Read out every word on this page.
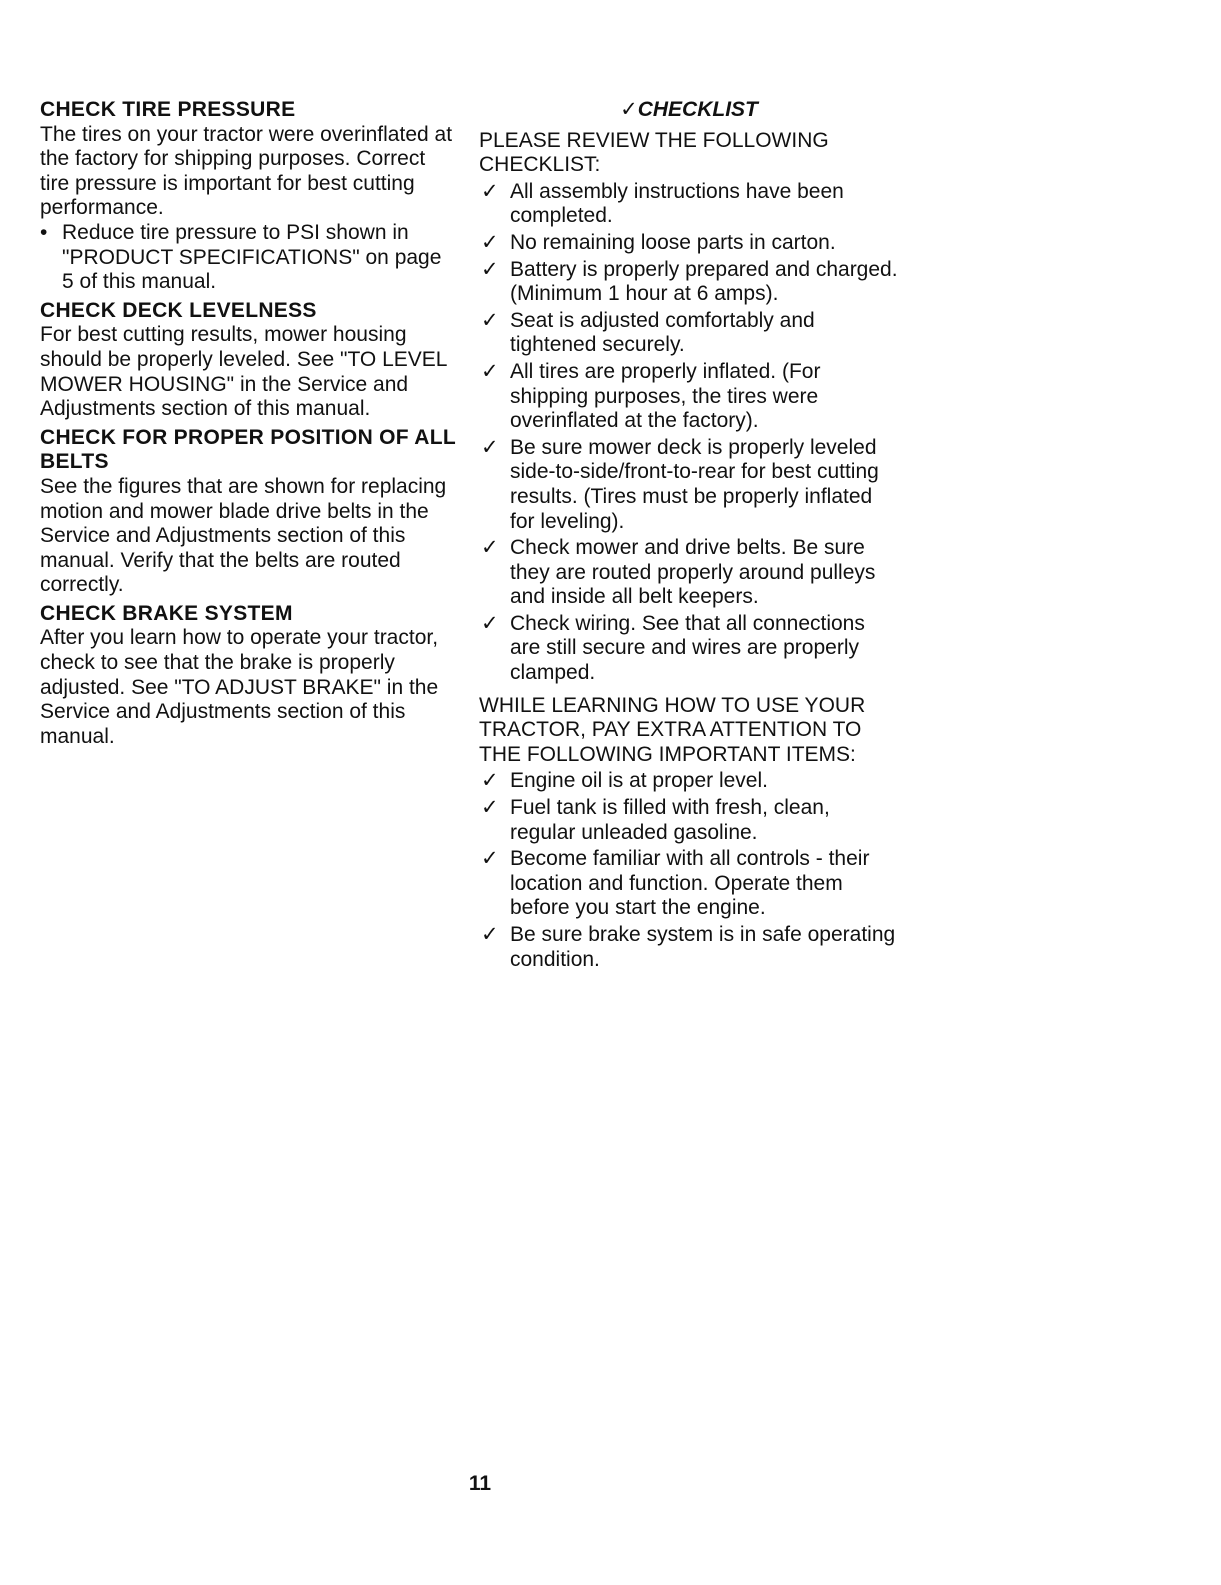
CHECK TIRE PRESSURE

The tires on your tractor were overinflated at the factory for shipping purposes. Correct tire pressure is important for best cutting performance.

• Reduce tire pressure to PSI shown in "PRODUCT SPECIFICATIONS" on page 5 of this manual.
CHECK DECK LEVELNESS

For best cutting results, mower housing should be properly leveled. See "TO LEVEL MOWER HOUSING" in the Service and Adjustments section of this manual.

CHECK FOR PROPER POSITION OF ALL BELTS

See the figures that are shown for replacing motion and mower blade drive belts in the Service and Adjustments section of this manual. Verify that the belts are routed correctly.

CHECK BRAKE SYSTEM

After you learn how to operate your tractor, check to see that the brake is properly adjusted. See "TO ADJUST BRAKE" in the Service and Adjustments section of this manual.

✓CHECKLIST

PLEASE REVIEW THE FOLLOWING CHECKLIST:

✓ All assembly instructions have been completed.
✓ No remaining loose parts in carton.
✓ Battery is properly prepared and charged. (Minimum 1 hour at 6 amps).
✓ Seat is adjusted comfortably and tightened securely.
✓ All tires are properly inflated. (For shipping purposes, the tires were overinflated at the factory).
✓ Be sure mower deck is properly leveled side-to-side/front-to-rear for best cutting results. (Tires must be properly inflated for leveling).
✓ Check mower and drive belts. Be sure they are routed properly around pulleys and inside all belt keepers.
✓ Check wiring. See that all connections are still secure and wires are properly clamped.

WHILE LEARNING HOW TO USE YOUR TRACTOR, PAY EXTRA ATTENTION TO THE FOLLOWING IMPORTANT ITEMS:

✓ Engine oil is at proper level.
✓ Fuel tank is filled with fresh, clean, regular unleaded gasoline.
✓ Become familiar with all controls - their location and function. Operate them before you start the engine.
✓ Be sure brake system is in safe operating condition.
11
